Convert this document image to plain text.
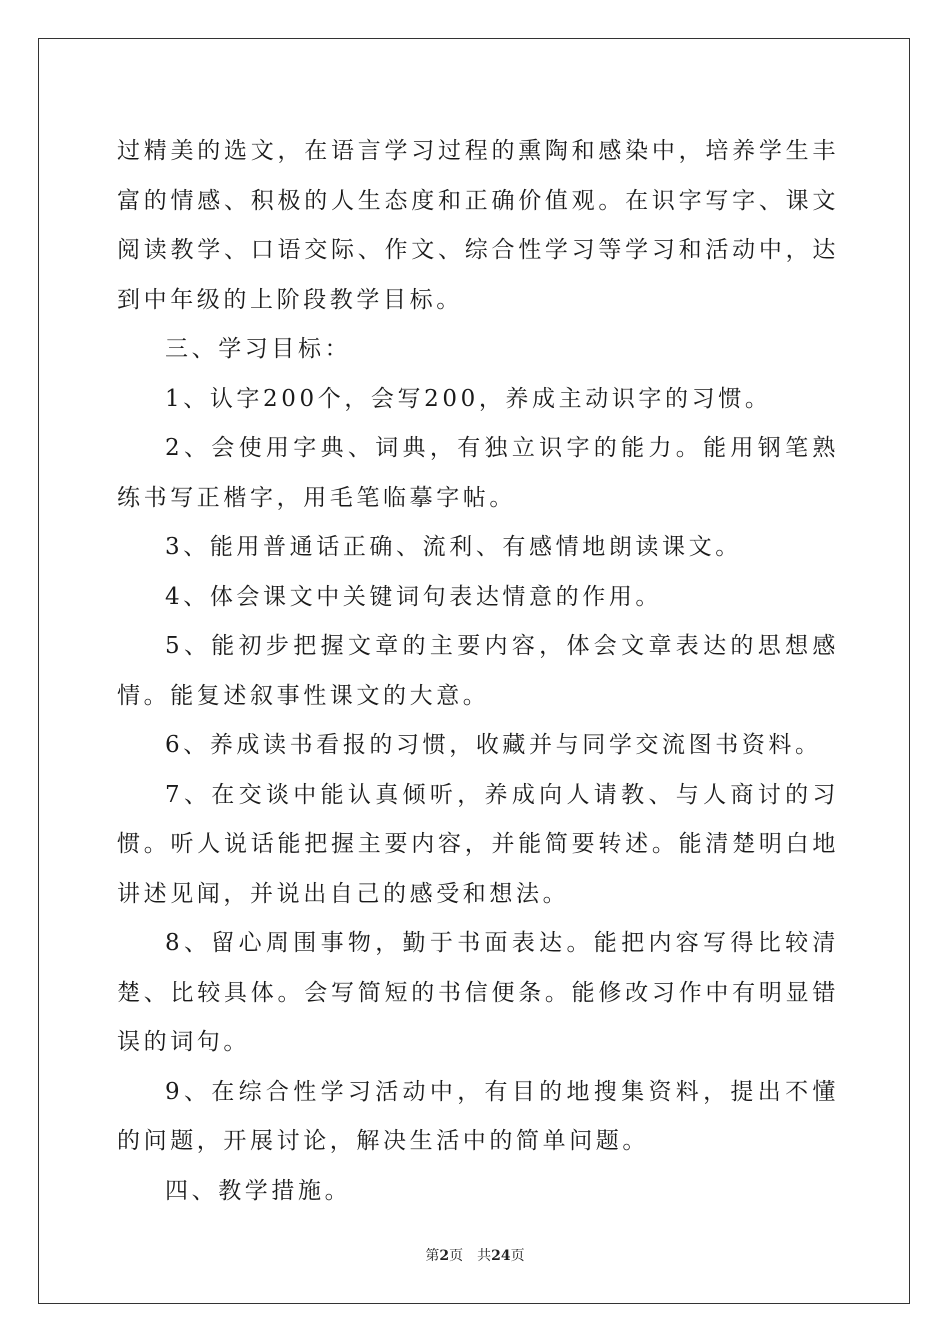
过精美的选文，在语言学习过程的熏陶和感染中，培养学生丰富的情感、积极的人生态度和正确价值观。在识字写字、课文阅读教学、口语交际、作文、综合性学习等学习和活动中，达到中年级的上阶段教学目标。

三、学习目标：

1、认字200个，会写200，养成主动识字的习惯。

2、会使用字典、词典，有独立识字的能力。能用钢笔熟练书写正楷字，用毛笔临摹字帖。

3、能用普通话正确、流利、有感情地朗读课文。

4、体会课文中关键词句表达情意的作用。

5、能初步把握文章的主要内容，体会文章表达的思想感情。能复述叙事性课文的大意。

6、养成读书看报的习惯，收藏并与同学交流图书资料。

7、在交谈中能认真倾听，养成向人请教、与人商讨的习惯。听人说话能把握主要内容，并能简要转述。能清楚明白地讲述见闻，并说出自己的感受和想法。

8、留心周围事物，勤于书面表达。能把内容写得比较清楚、比较具体。会写简短的书信便条。能修改习作中有明显错误的词句。

9、在综合性学习活动中，有目的地搜集资料，提出不懂的问题，开展讨论，解决生活中的简单问题。

四、教学措施。

第2页 共24页
